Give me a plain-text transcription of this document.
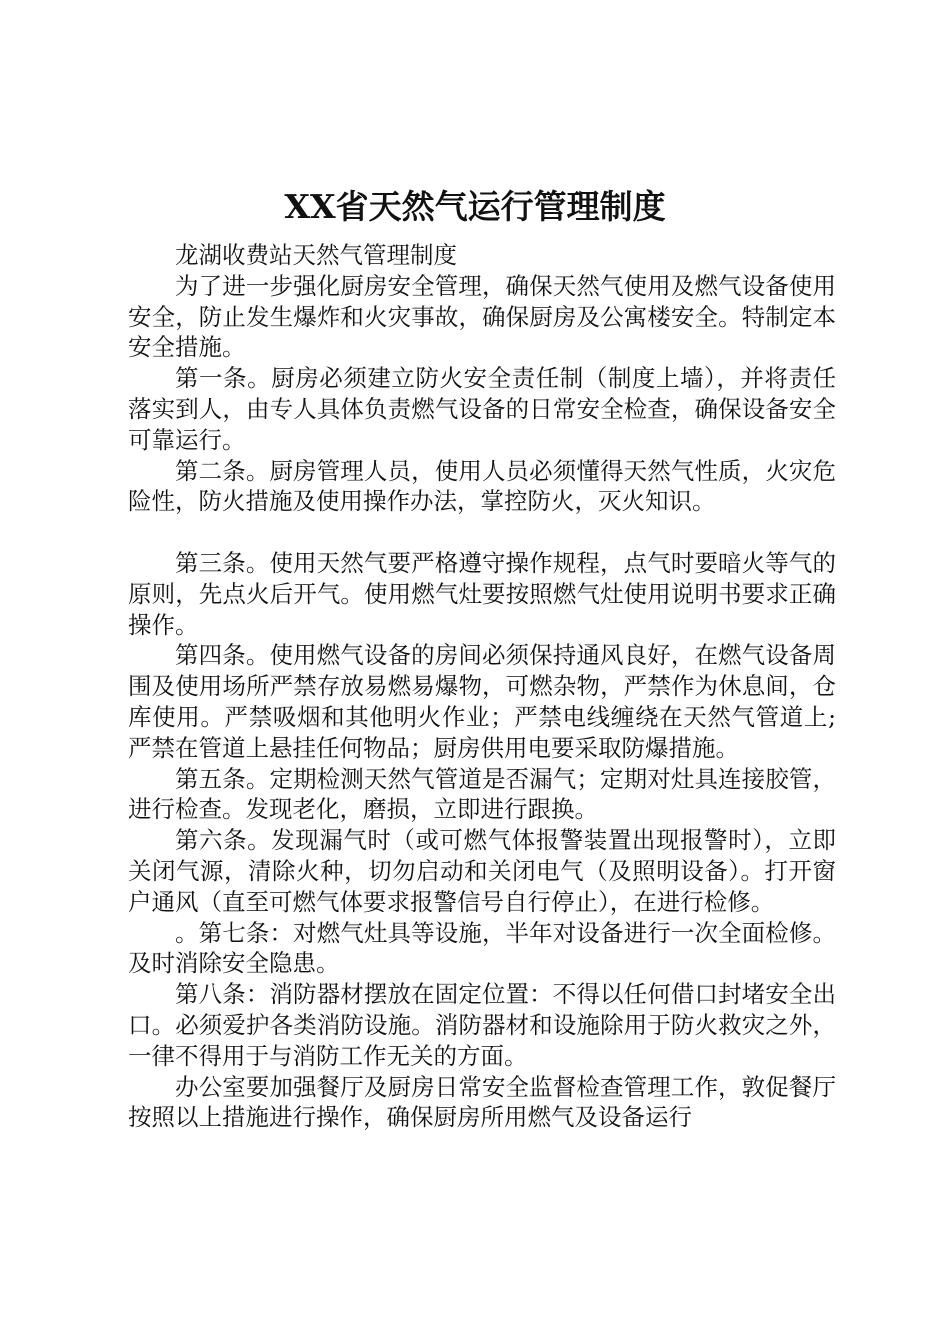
XX省天然气运行管理制度

龙湖收费站天然气管理制度

为了进一步强化厨房安全管理，确保天然气使用及燃气设备使用安全，防止发生爆炸和火灾事故，确保厨房及公寓楼安全。特制定本安全措施。

第一条。厨房必须建立防火安全责任制（制度上墙），并将责任落实到人，由专人具体负责燃气设备的日常安全检查，确保设备安全可靠运行。

第二条。厨房管理人员，使用人员必须懂得天然气性质，火灾危险性，防火措施及使用操作办法，掌控防火，灭火知识。

第三条。使用天然气要严格遵守操作规程，点气时要暗火等气的原则，先点火后开气。使用燃气灶要按照燃气灶使用说明书要求正确操作。

第四条。使用燃气设备的房间必须保持通风良好，在燃气设备周围及使用场所严禁存放易燃易爆物，可燃杂物，严禁作为休息间，仓库使用。严禁吸烟和其他明火作业；严禁电线缠绕在天然气管道上;严禁在管道上悬挂任何物品；厨房供用电要采取防爆措施。

第五条。定期检测天然气管道是否漏气；定期对灶具连接胶管，进行检查。发现老化，磨损，立即进行跟换。

第六条。发现漏气时（或可燃气体报警装置出现报警时），立即关闭气源，清除火种，切勿启动和关闭电气（及照明设备）。打开窗户通风（直至可燃气体要求报警信号自行停止），在进行检修。

。第七条：对燃气灶具等设施，半年对设备进行一次全面检修。及时消除安全隐患。

第八条：消防器材摆放在固定位置：不得以任何借口封堵安全出口。必须爱护各类消防设施。消防器材和设施除用于防火救灾之外，一律不得用于与消防工作无关的方面。

办公室要加强餐厅及厨房日常安全监督检查管理工作，敦促餐厅按照以上措施进行操作，确保厨房所用燃气及设备运行
